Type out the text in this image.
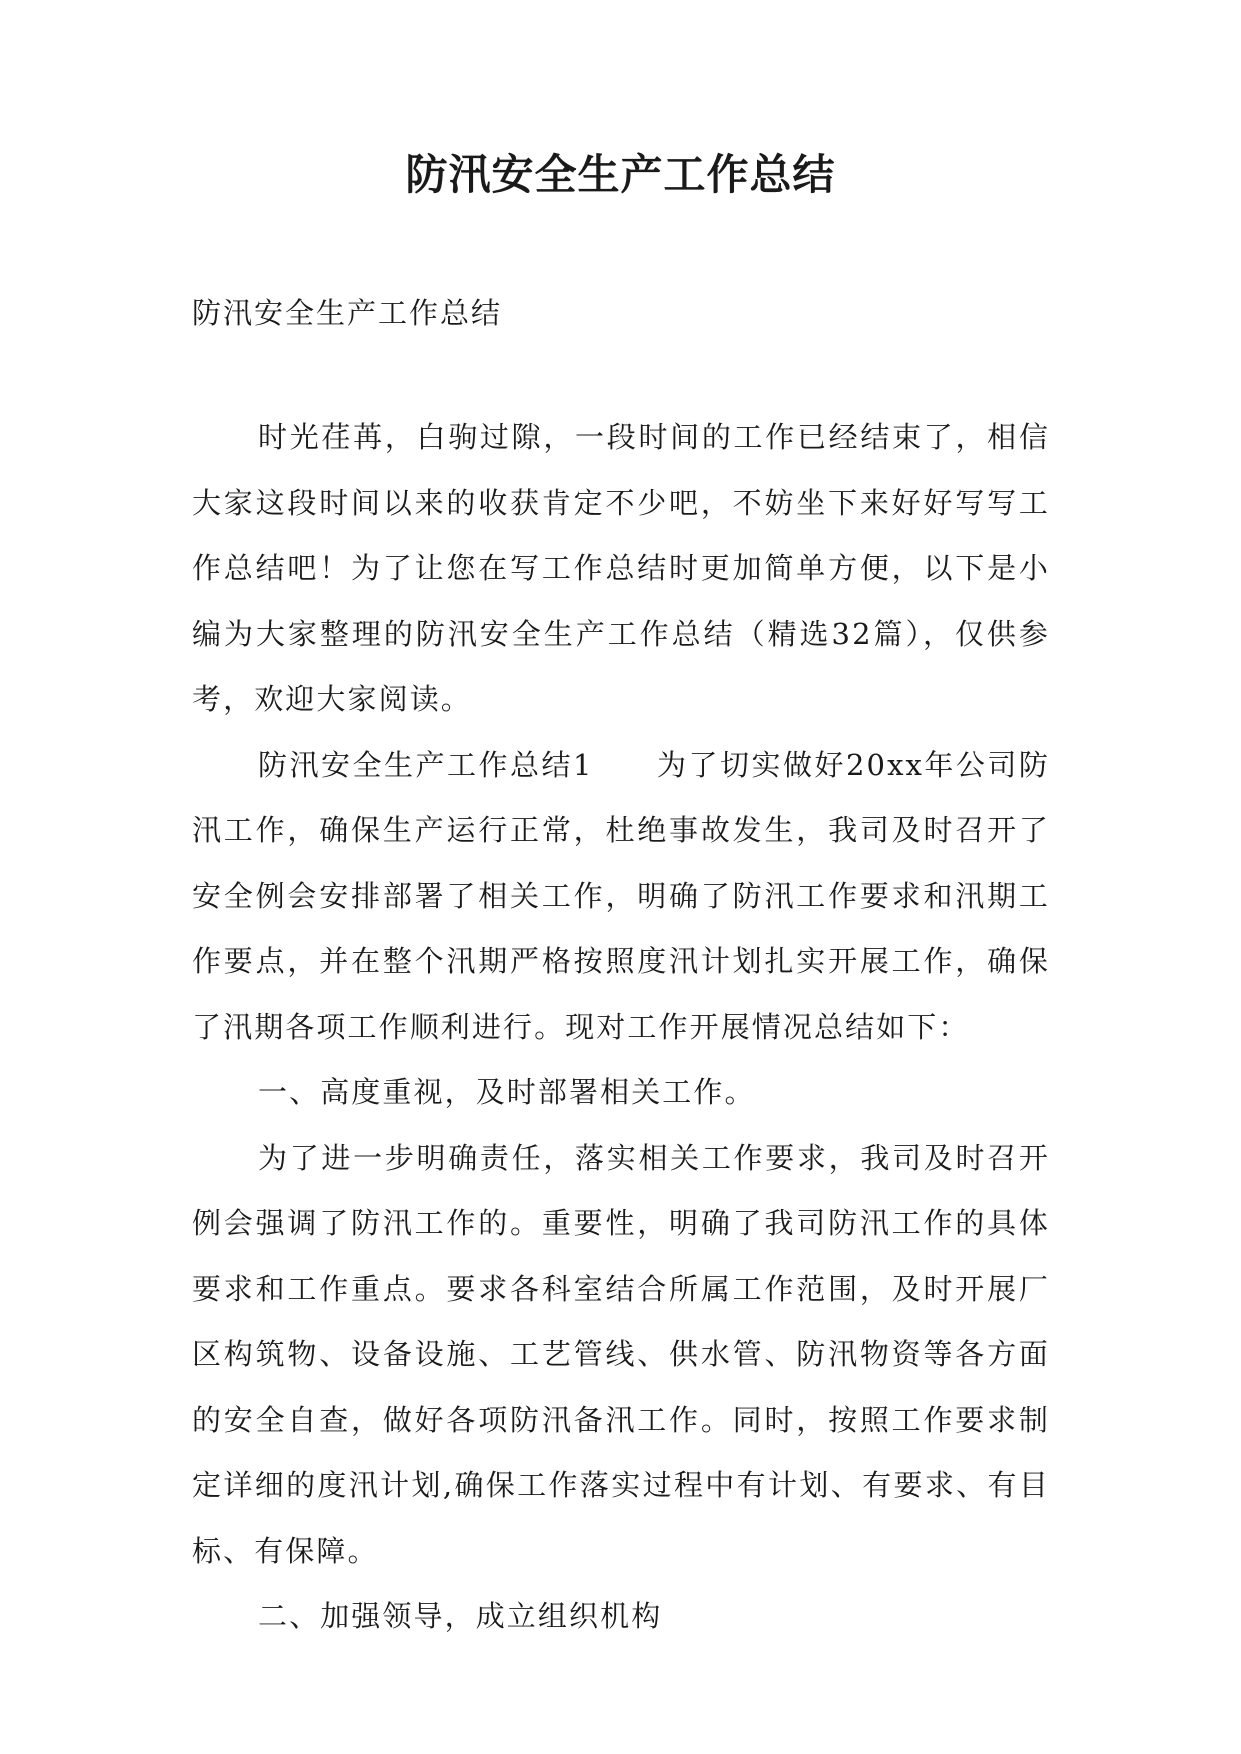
防汛安全生产工作总结

防汛安全生产工作总结

时光荏苒，白驹过隙，一段时间的工作已经结束了，相信大家这段时间以来的收获肯定不少吧，不妨坐下来好好写写工作总结吧！为了让您在写工作总结时更加简单方便，以下是小编为大家整理的防汛安全生产工作总结（精选32篇），仅供参考，欢迎大家阅读。

防汛安全生产工作总结1　　为了切实做好20xx年公司防汛工作，确保生产运行正常，杜绝事故发生，我司及时召开了安全例会安排部署了相关工作，明确了防汛工作要求和汛期工作要点，并在整个汛期严格按照度汛计划扎实开展工作，确保了汛期各项工作顺利进行。现对工作开展情况总结如下：

一、高度重视，及时部署相关工作。

为了进一步明确责任，落实相关工作要求，我司及时召开例会强调了防汛工作的。重要性，明确了我司防汛工作的具体要求和工作重点。要求各科室结合所属工作范围，及时开展厂区构筑物、设备设施、工艺管线、供水管、防汛物资等各方面的安全自查，做好各项防汛备汛工作。同时，按照工作要求制定详细的度汛计划,确保工作落实过程中有计划、有要求、有目标、有保障。

二、加强领导，成立组织机构
